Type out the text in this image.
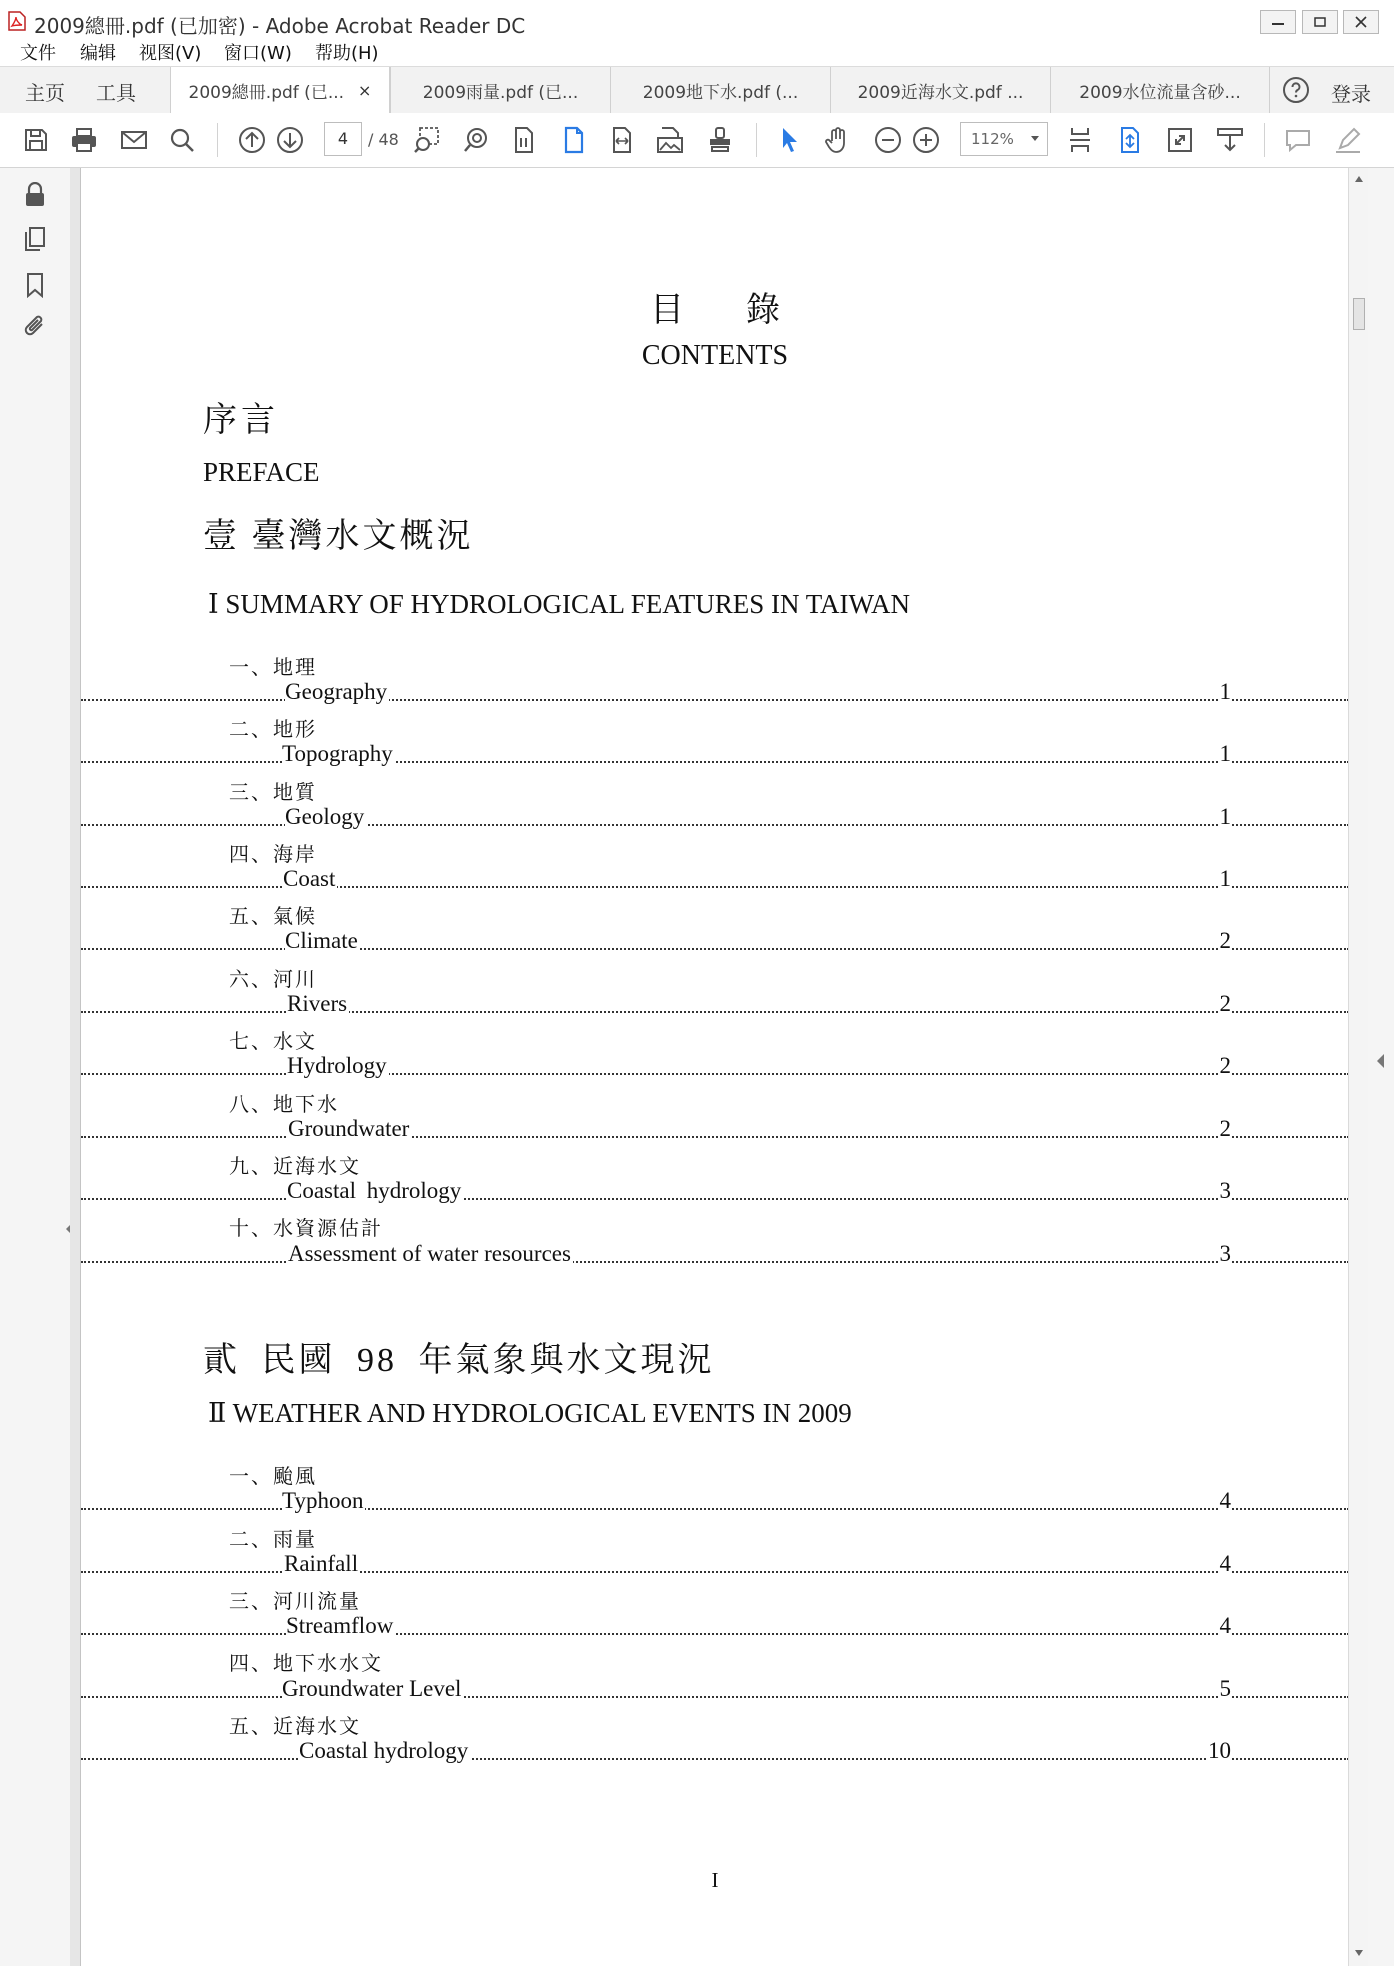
2009總冊.pdf (已加密) - Adobe Acrobat Reader DC
文件 编辑 视图(V) 窗口(W) 帮助(H)
主页 工具	2009總冊.pdf (已... ×	2009雨量.pdf (已...	2009地下水.pdf (...	2009近海水文.pdf ...	2009水位流量含砂...	登录
4	/ 48	112%
目錄
CONTENTS
序言
PREFACE
壹 臺灣水文概況
Ⅰ SUMMARY OF HYDROLOGICAL FEATURES IN TAIWAN
一、地理
Geography	1
二、地形
Topography	1
三、地質
Geology	1
四、海岸
Coast	1
五、氣候
Climate	2
六、河川
Rivers	2
七、水文
Hydrology	2
八、地下水
Groundwater	2
九、近海水文
Coastal hydrology	3
十、水資源估計
Assessment of water resources	3
貳 民國 98 年氣象與水文現況
Ⅱ WEATHER AND HYDROLOGICAL EVENTS IN 2009
一、颱風
Typhoon	4
二、雨量
Rainfall	4
三、河川流量
Streamflow	4
四、地下水水文
Groundwater Level	5
五、近海水文
Coastal hydrology	10
I
